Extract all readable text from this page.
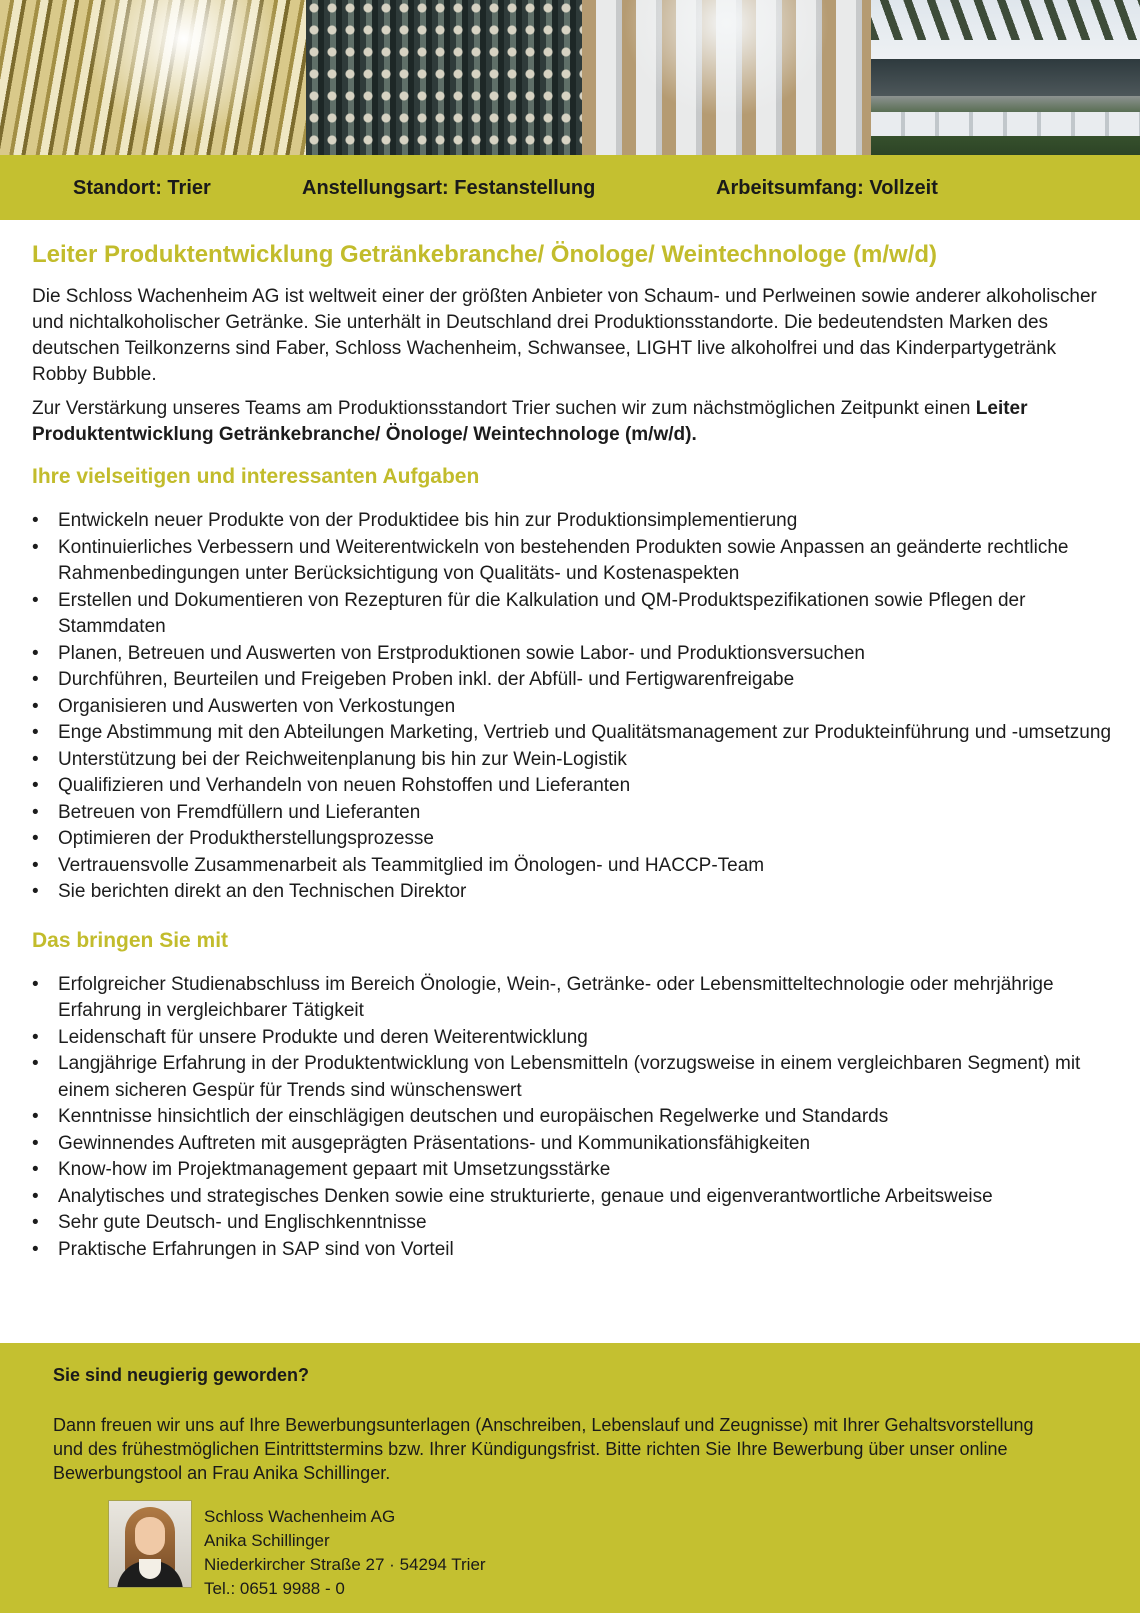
Standort: Trier	Anstellungsart: Festanstellung	Arbeitsumfang: Vollzeit
Leiter Produktentwicklung Getränkebranche/ Önologe/ Weintechnologe (m/w/d)

Die Schloss Wachenheim AG ist weltweit einer der größten Anbieter von Schaum- und Perlweinen sowie anderer alkoholischer und nichtalkoholischer Getränke. Sie unterhält in Deutschland drei Produktionsstandorte. Die bedeutendsten Marken des deutschen Teilkonzerns sind Faber, Schloss Wachenheim, Schwansee, LIGHT live alkoholfrei und das Kinderpartygetränk Robby Bubble.

Zur Verstärkung unseres Teams am Produktionsstandort Trier suchen wir zum nächstmöglichen Zeitpunkt einen Leiter Produktentwicklung Getränkebranche/ Önologe/ Weintechnologe (m/w/d).

Ihre vielseitigen und interessanten Aufgaben
• Entwickeln neuer Produkte von der Produktidee bis hin zur Produktionsimplementierung
• Kontinuierliches Verbessern und Weiterentwickeln von bestehenden Produkten sowie Anpassen an geänderte rechtliche Rahmenbedingungen unter Berücksichtigung von Qualitäts- und Kostenaspekten
• Erstellen und Dokumentieren von Rezepturen für die Kalkulation und QM-Produktspezifikationen sowie Pflegen der Stammdaten
• Planen, Betreuen und Auswerten von Erstproduktionen sowie Labor- und Produktionsversuchen
• Durchführen, Beurteilen und Freigeben Proben inkl. der Abfüll- und Fertigwarenfreigabe
• Organisieren und Auswerten von Verkostungen
• Enge Abstimmung mit den Abteilungen Marketing, Vertrieb und Qualitätsmanagement zur Produkteinführung und -umsetzung
• Unterstützung bei der Reichweitenplanung bis hin zur Wein-Logistik
• Qualifizieren und Verhandeln von neuen Rohstoffen und Lieferanten
• Betreuen von Fremdfüllern und Lieferanten
• Optimieren der Produktherstellungsprozesse
• Vertrauensvolle Zusammenarbeit als Teammitglied im Önologen- und HACCP-Team
• Sie berichten direkt an den Technischen Direktor
Das bringen Sie mit
• Erfolgreicher Studienabschluss im Bereich Önologie, Wein-, Getränke- oder Lebensmitteltechnologie oder mehrjährige Erfahrung in vergleichbarer Tätigkeit
• Leidenschaft für unsere Produkte und deren Weiterentwicklung
• Langjährige Erfahrung in der Produktentwicklung von Lebensmitteln (vorzugsweise in einem vergleichbaren Segment) mit einem sicheren Gespür für Trends sind wünschenswert
• Kenntnisse hinsichtlich der einschlägigen deutschen und europäischen Regelwerke und Standards
• Gewinnendes Auftreten mit ausgeprägten Präsentations- und Kommunikationsfähigkeiten
• Know-how im Projektmanagement gepaart mit Umsetzungsstärke
• Analytisches und strategisches Denken sowie eine strukturierte, genaue und eigenverantwortliche Arbeitsweise
• Sehr gute Deutsch- und Englischkenntnisse
• Praktische Erfahrungen in SAP sind von Vorteil
Sie sind neugierig geworden?
Dann freuen wir uns auf Ihre Bewerbungsunterlagen (Anschreiben, Lebenslauf und Zeugnisse) mit Ihrer Gehaltsvorstellung und des frühestmöglichen Eintrittstermins bzw. Ihrer Kündigungsfrist. Bitte richten Sie Ihre Bewerbung über unser online Bewerbungstool an Frau Anika Schillinger.
Schloss Wachenheim AG
Anika Schillinger
Niederkircher Straße 27 · 54294 Trier
Tel.: 0651 9988 - 0
